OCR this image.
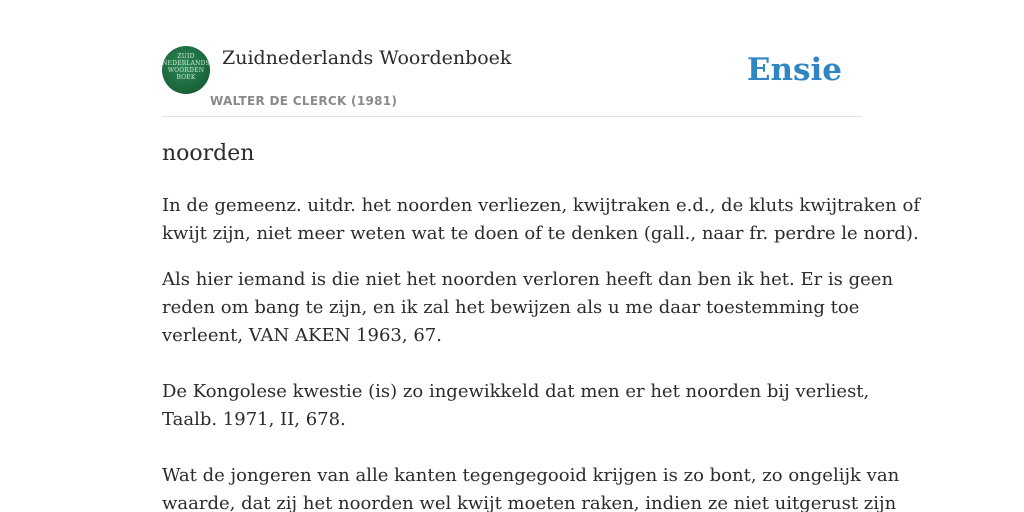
ZUID
NEDERLANDS
WOORDEN
BOEK
Zuidnederlands Woordenboek
WALTER DE CLERCK (1981)
Ensie
noorden

In de gemeenz. uitdr. het noorden verliezen, kwijtraken e.d., de kluts kwijtraken of

kwijt zijn, niet meer weten wat te doen of te denken (gall., naar fr. perdre le nord).

Als hier iemand is die niet het noorden verloren heeft dan ben ik het. Er is geen

reden om bang te zijn, en ik zal het bewijzen als u me daar toestemming toe

verleent, VAN AKEN 1963, 67.

De Kongolese kwestie (is) zo ingewikkeld dat men er het noorden bij verliest,

Taalb. 1971, II, 678.

Wat de jongeren van alle kanten tegengegooid krijgen is zo bont, zo ongelijk van

waarde, dat zij het noorden wel kwijt moeten raken, indien ze niet uitgerust zijn
